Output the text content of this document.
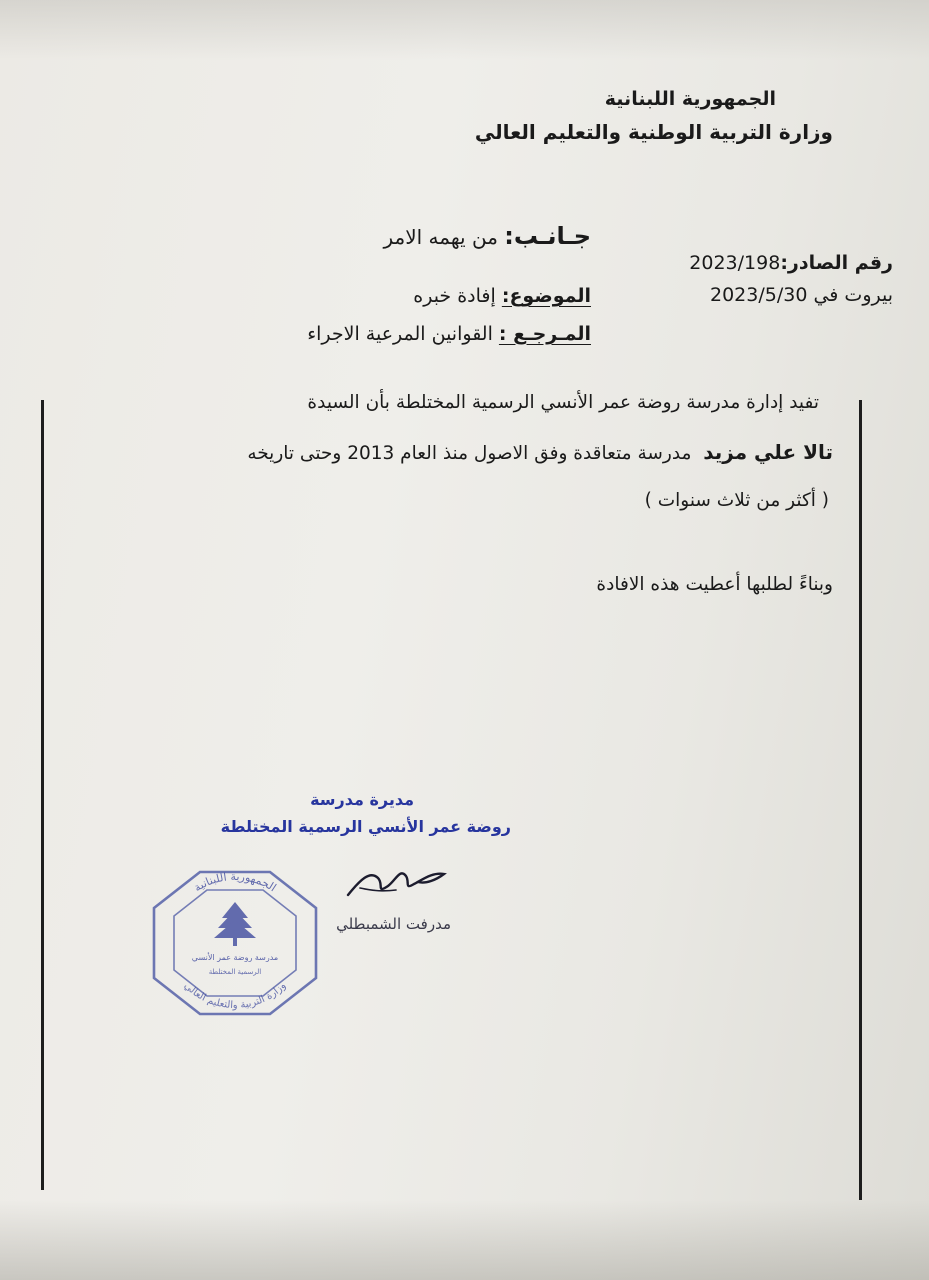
الجمهورية اللبنانية
وزارة التربية الوطنية والتعليم العالي
جـانـب: من يهمه الامر
رقم الصادر:2023/198
بيروت في 2023/5/30
الموضوع: إفادة خبره
المـرجـع : القوانين المرعية الاجراء
تفيد إدارة مدرسة روضة عمر الأنسي الرسمية المختلطة بأن السيدة
تالا علي مزيد  مدرسة متعاقدة وفق الاصول منذ العام 2013 وحتى تاريخه
( أكثر من ثلاث سنوات )
وبناءً لطلبها أعطيت هذه الافادة
مديرة مدرسة
روضة عمر الأنسي الرسمية المختلطة
مدرفت الشمبطلي
الجمهورية اللبنانية
وزارة التربية والتعليم العالي
مدرسة روضة عمر الأنسي
الرسمية المختلطة
